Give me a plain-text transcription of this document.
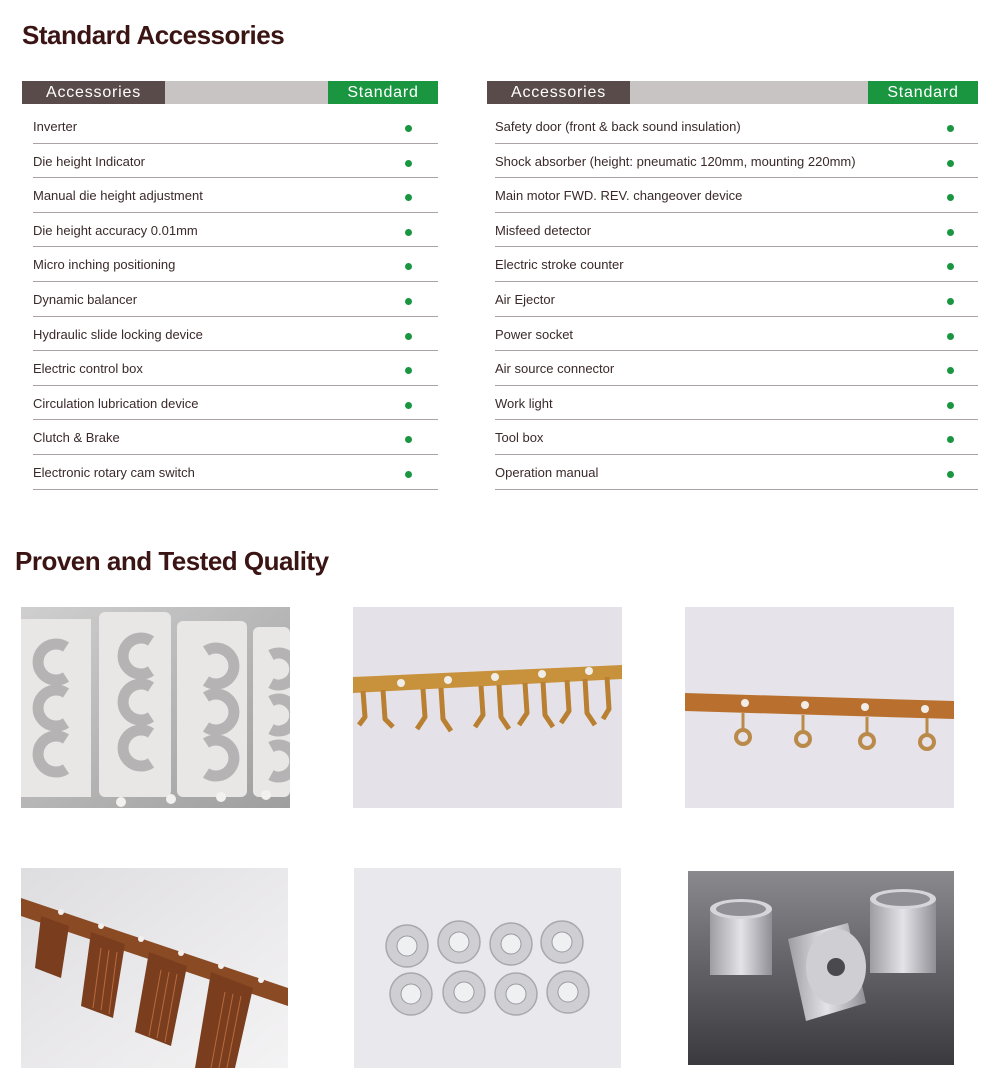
Standard Accessories
Accessories	Standard
Inverter
Die height Indicator
Manual die height adjustment
Die height accuracy 0.01mm
Micro inching positioning
Dynamic balancer
Hydraulic slide locking device
Electric control box
Circulation lubrication device
Clutch & Brake
Electronic rotary cam switch
Accessories	Standard
Safety door (front & back sound insulation)
Shock absorber (height: pneumatic 120mm, mounting 220mm)
Main motor FWD. REV. changeover device
Misfeed detector
Electric stroke counter
Air Ejector
Power socket
Air source connector
Work light
Tool box
Operation manual
Proven and Tested Quality
